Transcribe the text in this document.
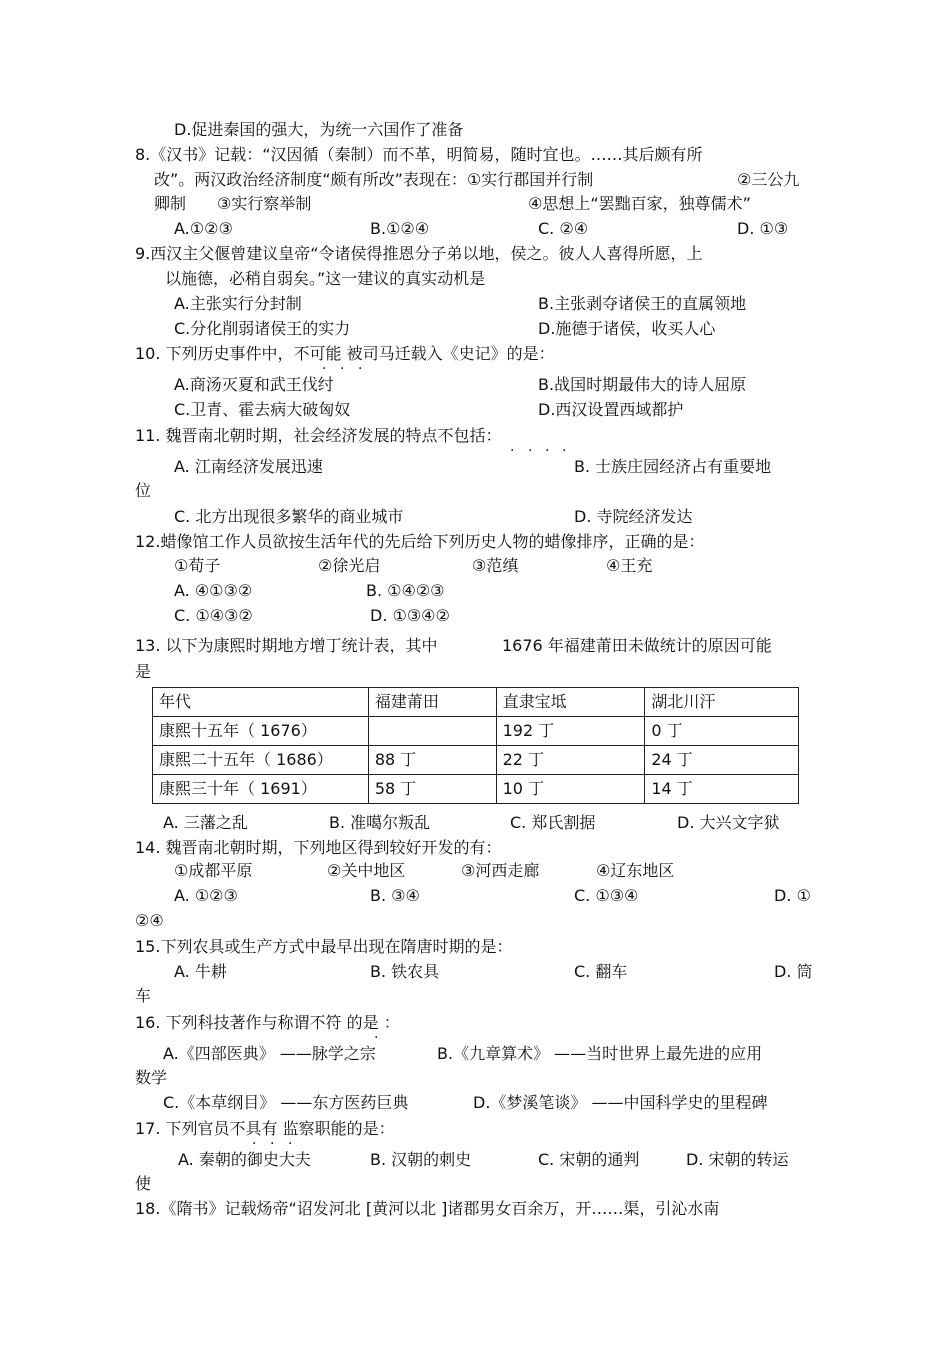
D.促进秦国的强大，为统一六国作了准备
8.《汉书》记载：“汉因循（秦制）而不革，明简易，随时宜也。……其后颇有所
改”。两汉政治经济制度“颇有所改”表现在：①实行郡国并行制	②三公九
卿制 ③实行察举制	④思想上“罢黜百家，独尊儒术”
A.①②③	B.①②④	C. ②④	D. ①③
9.西汉主父偃曾建议皇帝“令诸侯得推恩分子弟以地，侯之。彼人人喜得所愿，上
以施德，必稍自弱矣。”这一建议的真实动机是
A.主张实行分封制	B.主张剥夺诸侯王的直属领地
C.分化削弱诸侯王的实力	D.施德于诸侯，收买人心
10. 下列历史事件中，不可能 被司马迁载入《史记》的是：
· · ·
A.商汤灭夏和武王伐纣	B.战国时期最伟大的诗人屈原
C.卫青、霍去病大破匈奴	D.西汉设置西域都护
11. 魏晋南北朝时期，社会经济发展的特点不包括：
· · · ·
A. 江南经济发展迅速	B. 士族庄园经济占有重要地
位
C. 北方出现很多繁华的商业城市	D. 寺院经济发达
12.蜡像馆工作人员欲按生活年代的先后给下列历史人物的蜡像排序，正确的是：
①荀子	②徐光启	③范缜	④王充
A. ④①③②	B. ①④②③
C. ①④③②	D. ①③④②
13. 以下为康熙时期地方增丁统计表，其中	1676 年福建莆田未做统计的原因可能
是
年代	福建莆田	直隶宝坻	湖北川汗
康熙十五年（ 1676）		192 丁	0 丁
康熙二十五年（ 1686）	88 丁	22 丁	24 丁
康熙三十年（ 1691）	58 丁	10 丁	14 丁
A. 三藩之乱	B. 准噶尔叛乱	C. 郑氏割据	D. 大兴文字狱
14. 魏晋南北朝时期，下列地区得到较好开发的有：
①成都平原	②关中地区	③河西走廊	④辽东地区
A. ①②③	B. ③④	C. ①③④	D. ①
②④
15.下列农具或生产方式中最早出现在隋唐时期的是：
A. 牛耕	B. 铁农具	C. 翻车	D. 筒
车
16. 下列科技著作与称谓不符 的是 ：
·
A.《四部医典》 ——脉学之宗	B.《九章算术》 ——当时世界上最先进的应用
数学
C.《本草纲目》 ——东方医药巨典	D.《梦溪笔谈》 ——中国科学史的里程碑
17. 下列官员不具有 监察职能的是：
· · ·
A. 秦朝的御史大夫	B. 汉朝的刺史	C. 宋朝的通判	D. 宋朝的转运
使
18.《隋书》记载炀帝“诏发河北 [黄河以北 ]诸郡男女百余万，开……渠，引沁水南
